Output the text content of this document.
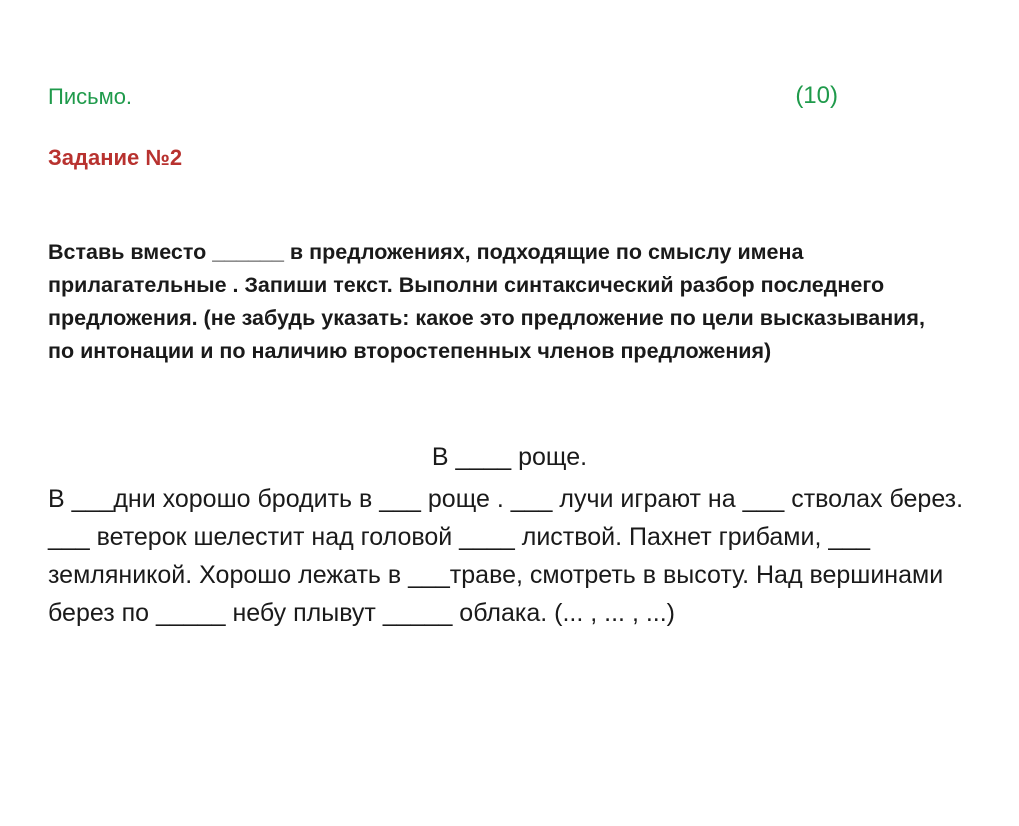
Письмо.	(10)
Задание №2
Вставь вместо ______ в предложениях, подходящие по смыслу имена прилагательные . Запиши текст. Выполни синтаксический разбор последнего предложения. (не забудь указать: какое это предложение по цели высказывания, по интонации и по наличию второстепенных членов предложения)
В ____ роще.
В ___дни хорошо бродить в ___ роще . ___ лучи играют на ___ стволах берез. ___ ветерок шелестит над головой ____ листвой. Пахнет грибами, ___ земляникой. Хорошо лежать в ___траве, смотреть в высоту. Над вершинами берез по _____ небу плывут _____ облака. (... , ... , ...)
